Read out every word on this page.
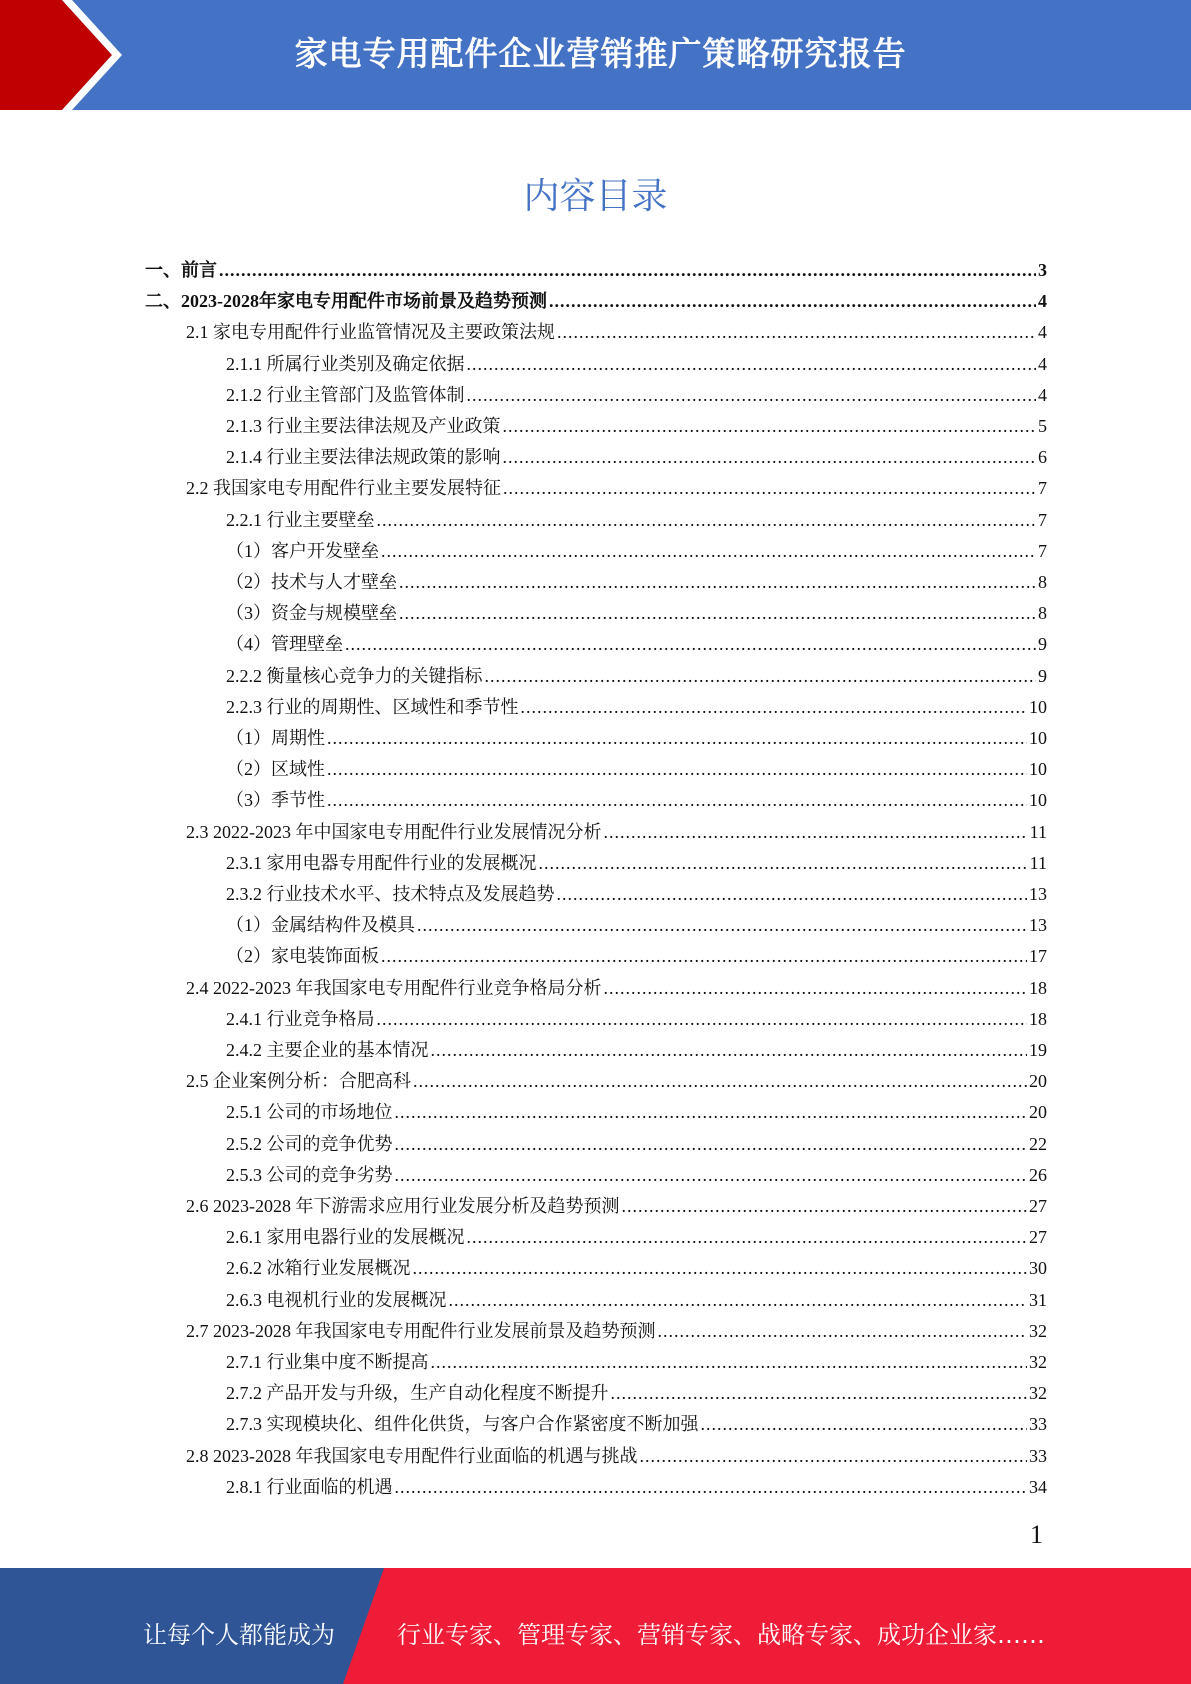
家电专用配件企业营销推广策略研究报告
内容目录
一、前言 .....	3
二、2023-2028年家电专用配件市场前景及趋势预测 .....	4
2.1 家电专用配件行业监管情况及主要政策法规 .....	4
2.1.1 所属行业类别及确定依据 .....	4
2.1.2 行业主管部门及监管体制 .....	4
2.1.3 行业主要法律法规及产业政策 .....	5
2.1.4 行业主要法律法规政策的影响 .....	6
2.2 我国家电专用配件行业主要发展特征 .....	7
2.2.1 行业主要壁垒 .....	7
（1）客户开发壁垒 .....	7
（2）技术与人才壁垒 .....	8
（3）资金与规模壁垒 .....	8
（4）管理壁垒 .....	9
2.2.2 衡量核心竞争力的关键指标 .....	9
2.2.3 行业的周期性、区域性和季节性 .....	10
（1）周期性 .....	10
（2）区域性 .....	10
（3）季节性 .....	10
2.3 2022-2023 年中国家电专用配件行业发展情况分析 .....	11
2.3.1 家用电器专用配件行业的发展概况 .....	11
2.3.2 行业技术水平、技术特点及发展趋势 .....	13
（1）金属结构件及模具 .....	13
（2）家电装饰面板 .....	17
2.4 2022-2023 年我国家电专用配件行业竞争格局分析 .....	18
2.4.1 行业竞争格局 .....	18
2.4.2 主要企业的基本情况 .....	19
2.5 企业案例分析：合肥高科 .....	20
2.5.1 公司的市场地位 .....	20
2.5.2 公司的竞争优势 .....	22
2.5.3 公司的竞争劣势 .....	26
2.6 2023-2028 年下游需求应用行业发展分析及趋势预测 .....	27
2.6.1 家用电器行业的发展概况 .....	27
2.6.2 冰箱行业发展概况 .....	30
2.6.3 电视机行业的发展概况 .....	31
2.7 2023-2028 年我国家电专用配件行业发展前景及趋势预测 .....	32
2.7.1 行业集中度不断提高 .....	32
2.7.2 产品开发与升级，生产自动化程度不断提升 .....	32
2.7.3 实现模块化、组件化供货，与客户合作紧密度不断加强 .....	33
2.8 2023-2028 年我国家电专用配件行业面临的机遇与挑战 .....	33
2.8.1 行业面临的机遇 .....	34
1
让每个人都能成为	行业专家、管理专家、营销专家、战略专家、成功企业家……
